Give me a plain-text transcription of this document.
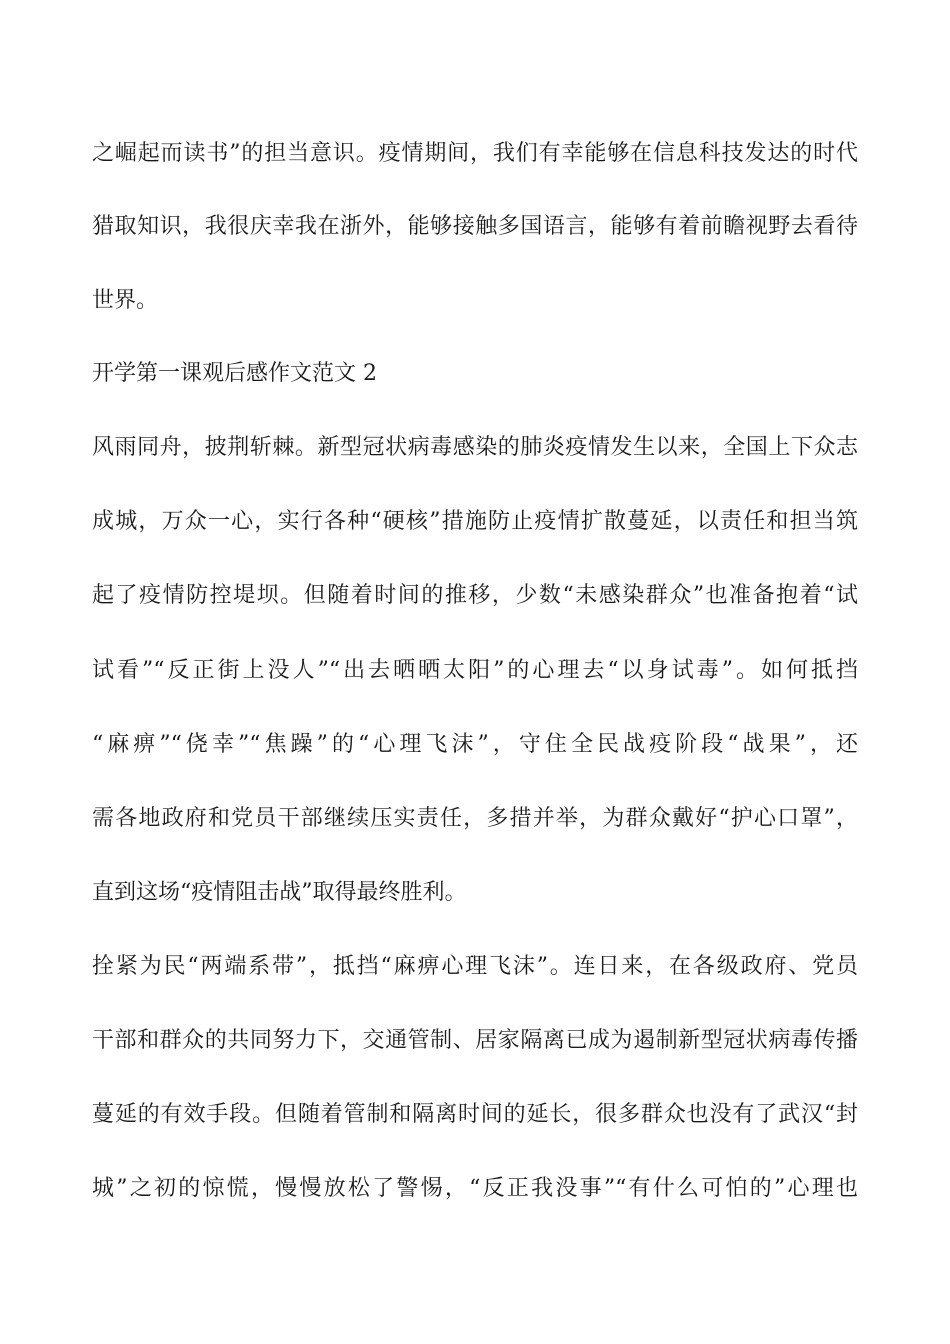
之崛起而读书”的担当意识。疫情期间，我们有幸能够在信息科技发达的时代
猎取知识，我很庆幸我在浙外，能够接触多国语言，能够有着前瞻视野去看待
世界。
开学第一课观后感作文范文 2
风雨同舟，披荆斩棘。新型冠状病毒感染的肺炎疫情发生以来，全国上下众志
成城，万众一心，实行各种“硬核”措施防止疫情扩散蔓延，以责任和担当筑
起了疫情防控堤坝。但随着时间的推移，少数“未感染群众”也准备抱着“试
试看”“反正街上没人”“出去晒晒太阳”的心理去“以身试毒”。如何抵挡
“麻痹”“侥幸”“焦躁”的“心理飞沫”，守住全民战疫阶段“战果”，还
需各地政府和党员干部继续压实责任，多措并举，为群众戴好“护心口罩”，
直到这场“疫情阻击战”取得最终胜利。
拴紧为民“两端系带”，抵挡“麻痹心理飞沫”。连日来，在各级政府、党员
干部和群众的共同努力下，交通管制、居家隔离已成为遏制新型冠状病毒传播
蔓延的有效手段。但随着管制和隔离时间的延长，很多群众也没有了武汉“封
城”之初的惊慌，慢慢放松了警惕，“反正我没事”“有什么可怕的”心理也
